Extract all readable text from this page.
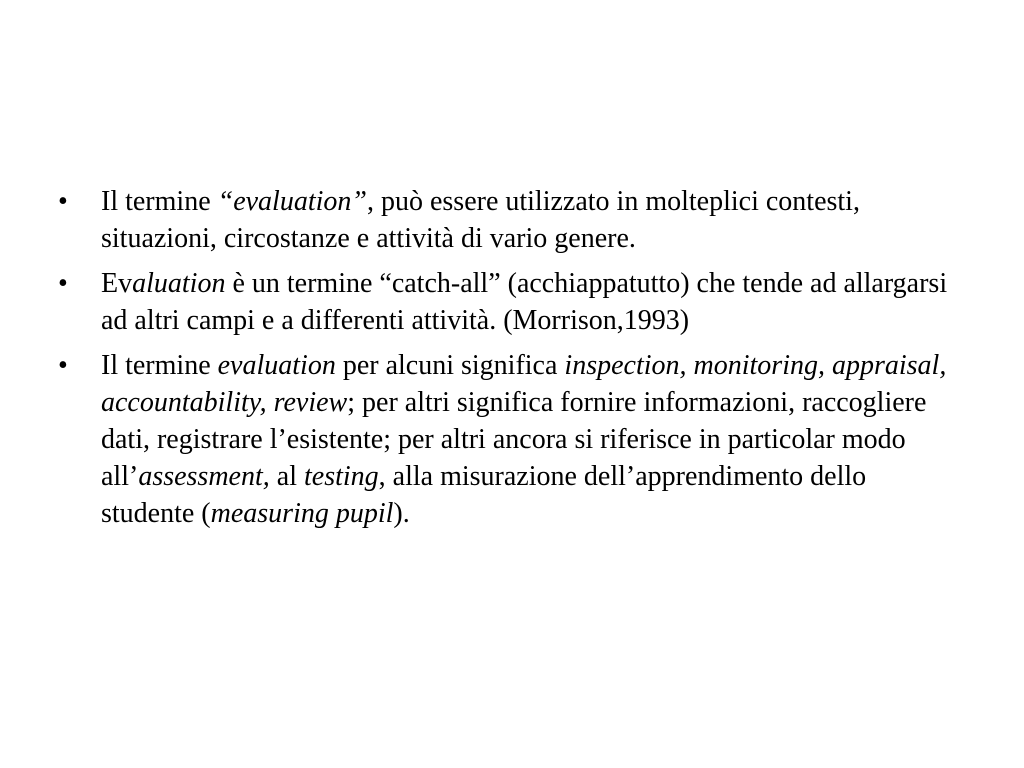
• Il termine “evaluation”, può essere utilizzato in molteplici contesti, situazioni, circostanze e attività di vario genere.
• Evaluation è un termine “catch-all” (acchiappatutto) che tende ad allargarsi ad altri campi e a differenti attività. (Morrison,1993)
• Il termine evaluation per alcuni significa inspection, monitoring, appraisal, accountability, review; per altri significa fornire informazioni, raccogliere dati, registrare l’esistente; per altri ancora si riferisce in particolar modo all’assessment, al testing, alla misurazione dell’apprendimento dello studente (measuring pupil).
